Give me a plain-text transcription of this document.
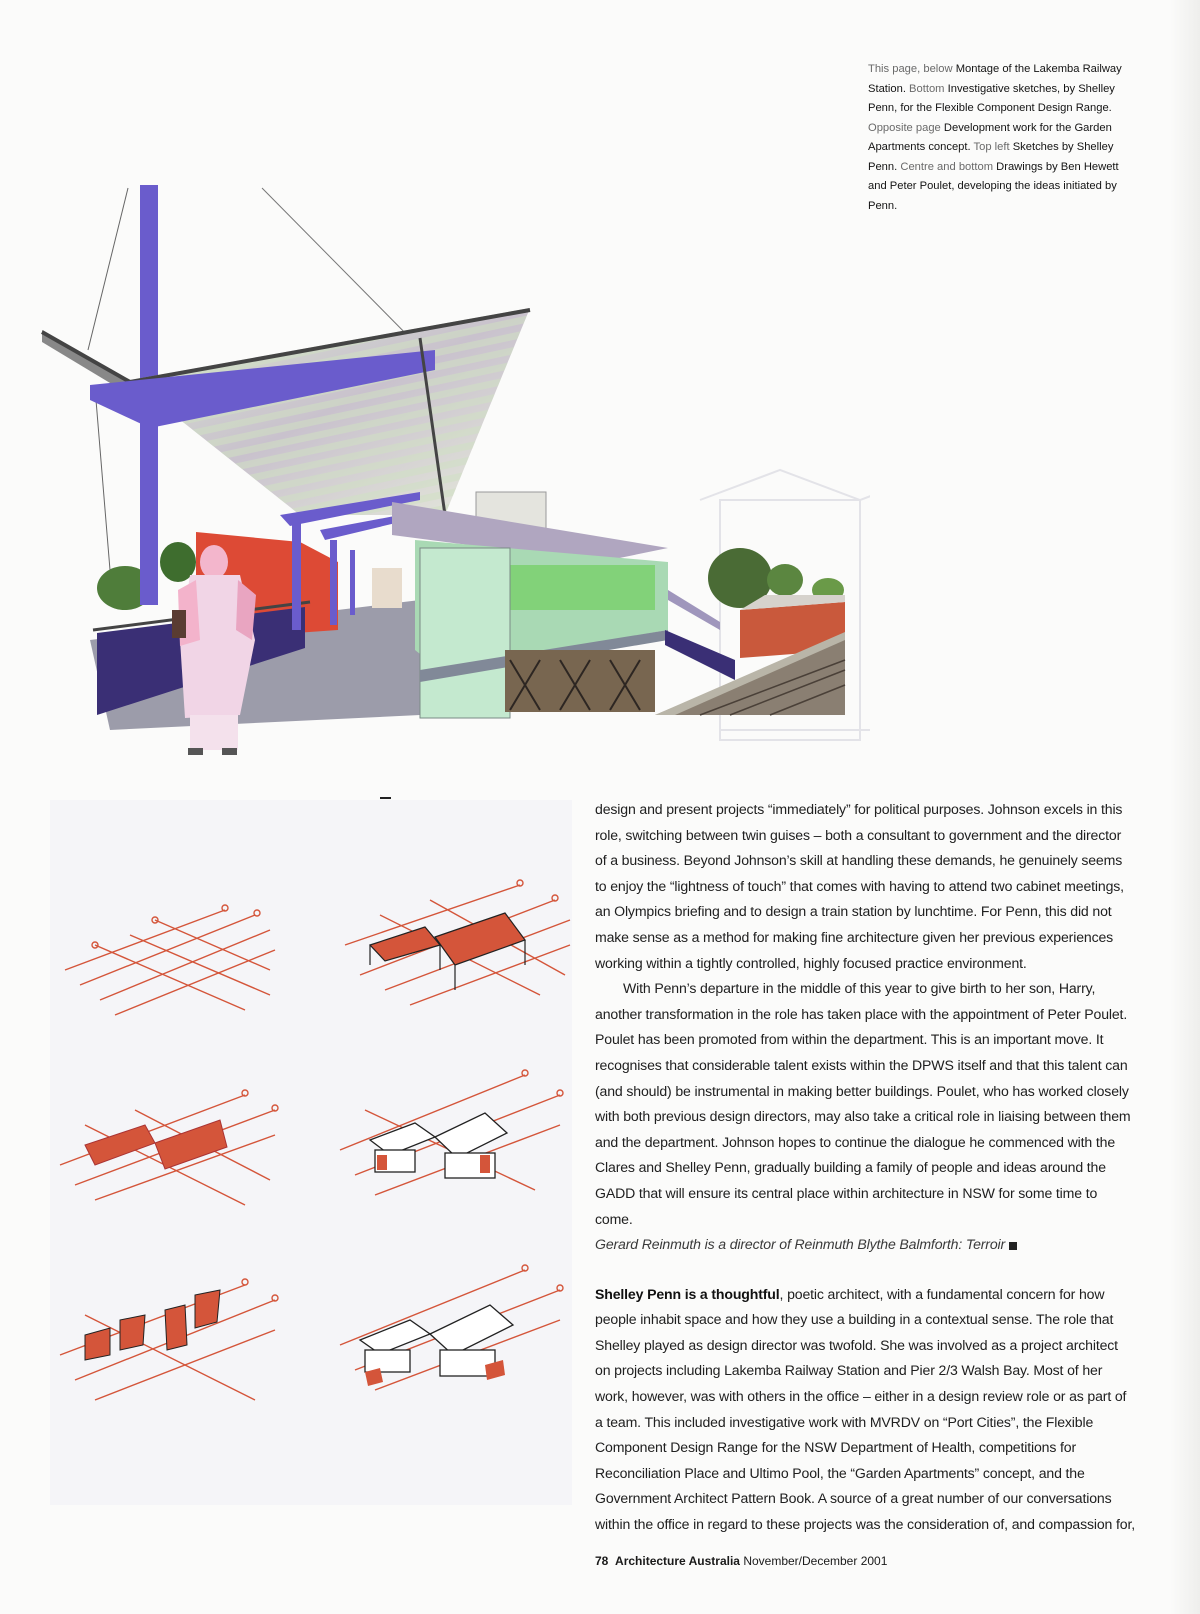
This page, below Montage of the Lakemba Railway Station. Bottom Investigative sketches, by Shelley Penn, for the Flexible Component Design Range. Opposite page Development work for the Garden Apartments concept. Top left Sketches by Shelley Penn. Centre and bottom Drawings by Ben Hewett and Peter Poulet, developing the ideas initiated by Penn.

design and present projects “immediately” for political purposes. Johnson excels in this role, switching between twin guises – both a consultant to government and the director of a business. Beyond Johnson’s skill at handling these demands, he genuinely seems to enjoy the “lightness of touch” that comes with having to attend two cabinet meetings, an Olympics briefing and to design a train station by lunchtime. For Penn, this did not make sense as a method for making fine architecture given her previous experiences working within a tightly controlled, highly focused practice environment.

With Penn’s departure in the middle of this year to give birth to her son, Harry, another transformation in the role has taken place with the appointment of Peter Poulet. Poulet has been promoted from within the department. This is an important move. It recognises that considerable talent exists within the DPWS itself and that this talent can (and should) be instrumental in making better buildings. Poulet, who has worked closely with both previous design directors, may also take a critical role in liaising between them and the department. Johnson hopes to continue the dialogue he commenced with the Clares and Shelley Penn, gradually building a family of people and ideas around the GADD that will ensure its central place within architecture in NSW for some time to come.

Gerard Reinmuth is a director of Reinmuth Blythe Balmforth: Terroir

Shelley Penn is a thoughtful, poetic architect, with a fundamental concern for how people inhabit space and how they use a building in a contextual sense. The role that Shelley played as design director was twofold. She was involved as a project architect on projects including Lakemba Railway Station and Pier 2/3 Walsh Bay. Most of her work, however, was with others in the office – either in a design review role or as part of a team. This included investigative work with MVRDV on “Port Cities”, the Flexible Component Design Range for the NSW Department of Health, competitions for Reconciliation Place and Ultimo Pool, the “Garden Apartments” concept, and the Government Architect Pattern Book. A source of a great number of our conversations within the office in regard to these projects was the consideration of, and compassion for,

78 Architecture Australia November/December 2001
